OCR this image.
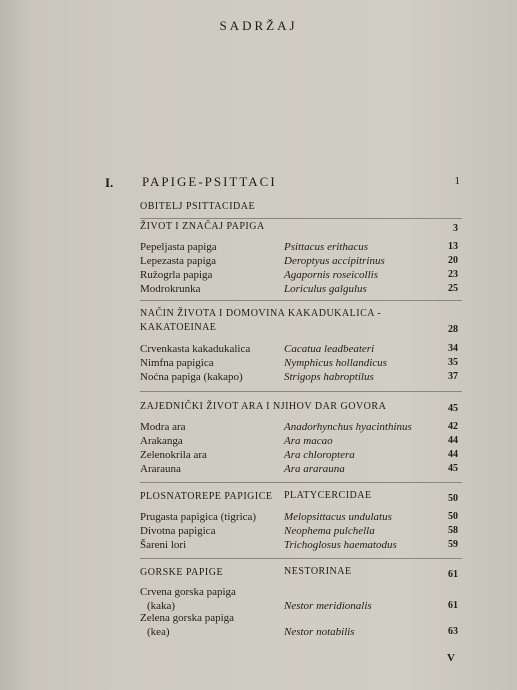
SADRŽAJ
I. PAPIGE-PSITTACI	1
OBITELJ PSITTACIDAE
ŽIVOT I ZNAČAJ PAPIGA	3
Pepeljasta papiga	Psittacus erithacus	13
Lepezasta papiga	Deroptyus accipitrinus	20
Ružogrla papiga	Agapornis roseicollis	23
Modrokrunka	Loriculus galgulus	25
NAČIN ŽIVOTA I DOMOVINA KAKADUKALICA -
KAKATOEINAE	28
Crvenkasta kakadukalica	Cacatua leadbeateri	34
Nimfna papigica	Nymphicus hollandicus	35
Noćna papiga (kakapo)	Strigops habroptilus	37
ZAJEDNIČKI ŽIVOT ARA I NJIHOV DAR GOVORA	45
Modra ara	Anadorhynchus hyacinthinus	42
Arakanga	Ara macao	44
Zelenokrila ara	Ara chloroptera	44
Ararauna	Ara ararauna	45
PLOSNATOREPE PAPIGICE	PLATYCERCIDAE	50
Prugasta papigica (tigrica)	Melopsittacus undulatus	50
Divotna papigica	Neophema pulchella	58
Šareni lori	Trichoglosus haematodus	59
GORSKE PAPIGE	NESTORINAE	61
Crvena gorska papiga
(kaka)	Nestor meridionalis	61
Zelena gorska papiga
(kea)	Nestor notabilis	63
V
